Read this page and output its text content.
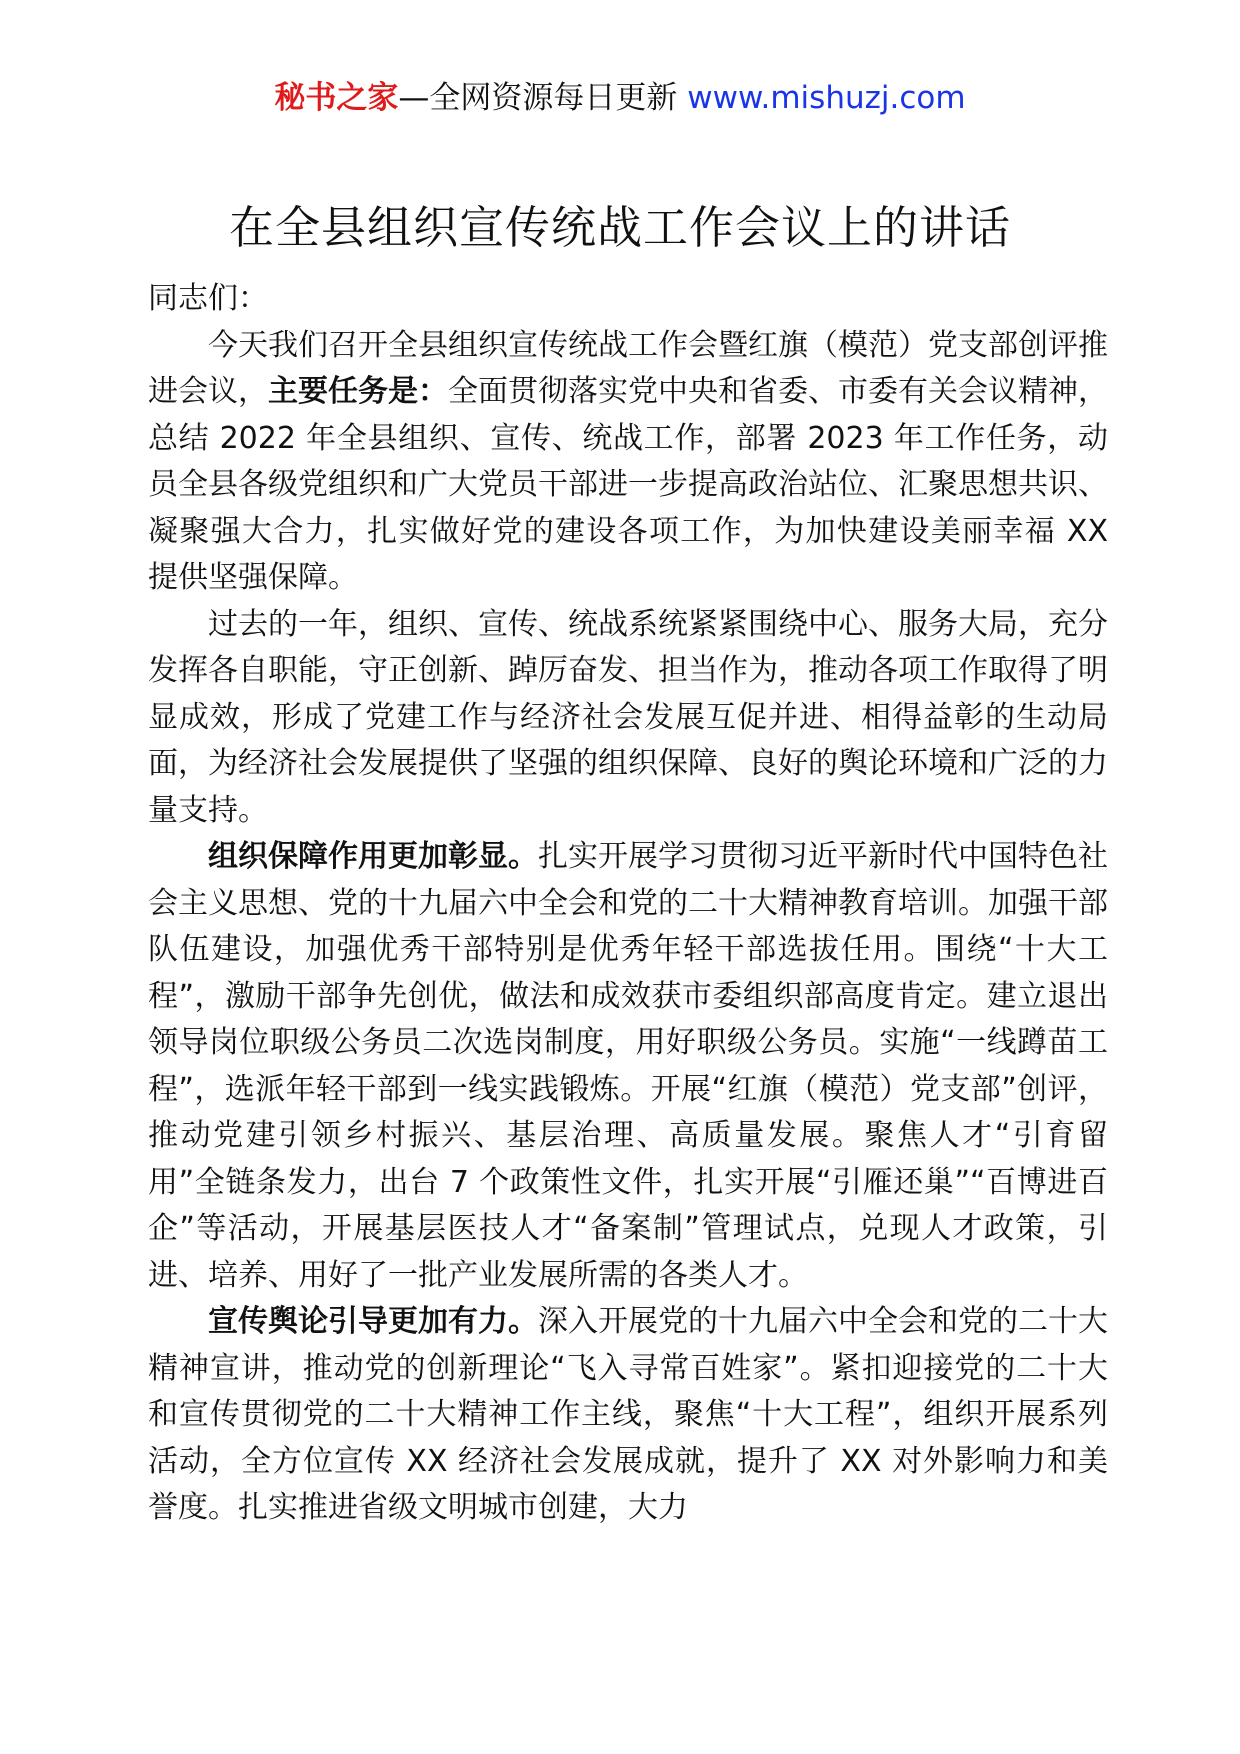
秘书之家—全网资源每日更新 www.mishuzj.com
在全县组织宣传统战工作会议上的讲话

同志们：

今天我们召开全县组织宣传统战工作会暨红旗（模范）党支部创评推进会议，主要任务是：全面贯彻落实党中央和省委、市委有关会议精神，总结 2022 年全县组织、宣传、统战工作，部署 2023 年工作任务，动员全县各级党组织和广大党员干部进一步提高政治站位、汇聚思想共识、凝聚强大合力，扎实做好党的建设各项工作，为加快建设美丽幸福 XX 提供坚强保障。

过去的一年，组织、宣传、统战系统紧紧围绕中心、服务大局，充分发挥各自职能，守正创新、踔厉奋发、担当作为，推动各项工作取得了明显成效，形成了党建工作与经济社会发展互促并进、相得益彰的生动局面，为经济社会发展提供了坚强的组织保障、良好的舆论环境和广泛的力量支持。

组织保障作用更加彰显。扎实开展学习贯彻习近平新时代中国特色社会主义思想、党的十九届六中全会和党的二十大精神教育培训。加强干部队伍建设，加强优秀干部特别是优秀年轻干部选拔任用。围绕“十大工程”，激励干部争先创优，做法和成效获市委组织部高度肯定。建立退出领导岗位职级公务员二次选岗制度，用好职级公务员。实施“一线蹲苗工程”，选派年轻干部到一线实践锻炼。开展“红旗（模范）党支部”创评，推动党建引领乡村振兴、基层治理、高质量发展。聚焦人才“引育留用”全链条发力，出台 7 个政策性文件，扎实开展“引雁还巢”“百博进百企”等活动，开展基层医技人才“备案制”管理试点，兑现人才政策，引进、培养、用好了一批产业发展所需的各类人才。

宣传舆论引导更加有力。深入开展党的十九届六中全会和党的二十大精神宣讲，推动党的创新理论“飞入寻常百姓家”。紧扣迎接党的二十大和宣传贯彻党的二十大精神工作主线，聚焦“十大工程”，组织开展系列活动，全方位宣传 XX 经济社会发展成就，提升了 XX 对外影响力和美誉度。扎实推进省级文明城市创建，大力
